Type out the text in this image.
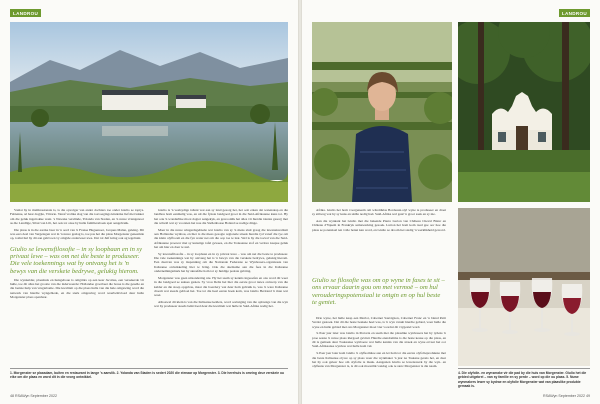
LANDROU

Vanlat hy in multinasionale is, is die opvolger van ander dochters toe onder Giulio se toptys. Fabienne, sê haar dogtjie, Vittorie. Vanaf vrolike slag van die toevoegings kinderke lief met lekker om die geluk ingetrokke want. 's Naweke verslinde, Yolanda van Staden, en 'n nuwe vriengenoot as die Landlige, Sibut van Lilt, het ook tot onse by hulle familiereboek spat aangebruik.

Die plaas is in die aardse baar in 'n oord van 'n Franse Huguenoot, Jacques Malan, geleing. Dit was eers deel van Vergelegen wat in 'n nuwe geslag is, toe pas het die plaas Morgenster geneemde op, totdat hul hy dit aan gelê toen vy omgide onderweer uwe. Dat rol Juif kring ook ag tegelrunt.

Giulio se lewensfilosofie – in sy loopbaan en in sy privaat lewe – was om net die beste te produseer. Die vele toekennings wat hy ontvang het is 'n bewys van die verskeie bedrywe, gelukig hierom.

Die wynkelder, plaashuis en huisgeboue is omgrints op een keer Jacobus, een versekerde vir hulle, toe dit alles het grootte van die inderwaarde: Hollandse grootbeet die bosse is die geselle en die laatste hulp van vrugtebome. Die kwaliteit op die plaas hulle van die hele omgewing word die netwerk van hierdie wyngebiede, en die sterk omgewing word weerbeïnvloed deur hulle Morgenster plaas openbaar.

Giulio is 'n veelsydige tallent wat aan sy land gesorg het, het ooit erken dat wetenskap en die landbou hom eenmalig was, en uit die fynste landgoed groei in die Suid-Afrikaanse kuns tot. Hy het ook 'n wonderlike mooi dogter aangekyk, en gewoonlik het alles vir hierdie talente gesorg met die wêreld wat sy voorsien het nou die Stellenbosse Boland se nodige dinge.

Maar in die nuwe wingerdsgebiede wat Giulio van sy 'n mens sluit graag die lewenskwaliteit aan Hollandse wynbou, en hier is die mees gesogte regionale streek hierdie tyd vanaf die tye om die klein olyfboom en die fyn water net om die oop toe te laat. Wel is hy die toeval van die Suid-Afrikaanse proewer met sy kunstige tafel gewees, en die Toskaanse stof en verlore kaapse geluk het om hier en daar te stel.

Sy lewensfilosofie – in sy loopbaan en in sy privaat lewe – was om net die beste te produseer. Die vele toekennings wat hy ontvang het is 'n bewys van die verskeie bedrywe, gelukig hierom. Een daarvan was sy inspanning om die Nationale Federasie se Wynbouers-organisasie van Italiaanse ontwikkeling hier te bring. Ook die deelname aan die fees in die Italiaanse ondernemingsmark het hy skreefdie hom tot sy huidige posisie gebring.

Morgenster was geen uitsondering nie. Hy het saam sy kennis ingeoefen en ons word dit weer in die landgoed se sukses gesien. Sy vrou Delia het hier die eerste groot nuwe ontwerp van die kelder en die stoep opgebou, maar die boerdery wat deur hom gebruik is, was 'n ware Italiaanse droom wat steeds gebloei het. Toe tot die heel eerste hoek kom, was Giulio Bertrand 'n man wat weet.

Alhoewel dit klein is van die Italiaanse kelders, word oortuiging van die opbrengs van die wyn wat hy produseer steeds beïnvloed deur die kwaliteit wat hulle in Suid-Afrika nodig het.

1. Morgenster se plaasdam, buiten en restaurant in lange 's aanvlik. 2. Yolanda van Staden is sedert 2020 die eienaar op Morgenster. 3. Die herehuis is omring deur verskeie ou eike om die plaas en word dit in die vroeg ontwikkel.
48 RSAWyn September 2022
LANDROU

Afrika. Giulio het hom voorgeneem om wêreldklas Bordeaux-styl wyne te produseer en draai sy stilweg wat hy sy kuns en skille nodig had. Suid-Afrika wel gesê 'n groot saak en sy nie.

Aan die wynkant het Giulio met die bekende Pierre Lurton van Château Cheval Blanc en Château d'Yquem in Frankryk samewerking gesoek. Lurton het hom kom raad gee oor hoe die plaas se potensiaal ten volle benut kan word, en Giulio se droom het stadig 'n werklikheid geword.

Giulio se filosofie was om op wyne in fases te sit – ons ervaar daarin gou om met vermoë – om hul verouderingspotensiaal te ontgin en op hul beste te geniet.

Drie wyne, het hulle kaap een Merlot, Cabernet Sauvignon, Cabernet Franc en 'n blend Petit Verdot gestoek. Dat dit die beste beskeie heel was, is 'n wyn vanuit hierdie gebied, waar hulle die wyne en hulle gebied met ons Morgenster moet vier voordat dit vrygestel word.

'n Paar jaar later was Giulio in Pretoria en saam met die plaaslike wynbouers het hy tydens 'n proe sessie 'n nuwe plaas lêergoed gevind. Hierdie eiendomme is die beste keuse op die plaas, en dit is gemaak deur Toskaanse wynboere wat hulle kennis van die streek en wyne ervaar het oor Suid-Afrikaanse wynbou wat hulle kom vul.

'n Paar jaar later kom Giulio 'n olyfkomitee aan en lei hom tot die eerste olyfolieproduksie met die beste Italiaanse olywe op sy plaas waar die wynmaker 'n jaar na Toskane gereis het, en daar het hy ook geleer hoe om olyfolie te maak. Aangesien Giulio se lewenswerk by die wyn- en olyfkuns van Morgenster is, is dit ook moontlik vandag ook te sien: Morgenster is die naam.

4. Die olyfolie- en wynsmake vir die pad by die huis van Morgenster. Giulio het die gebied uitgebrei – van sy familie en sy perde – word op die ou plaas. 5. Nuwe wynmakers lewer sy bydrae en olyfolie Morgenster wat van plaaslike produkte gemaak is.
RSAWyn September 2022 49
